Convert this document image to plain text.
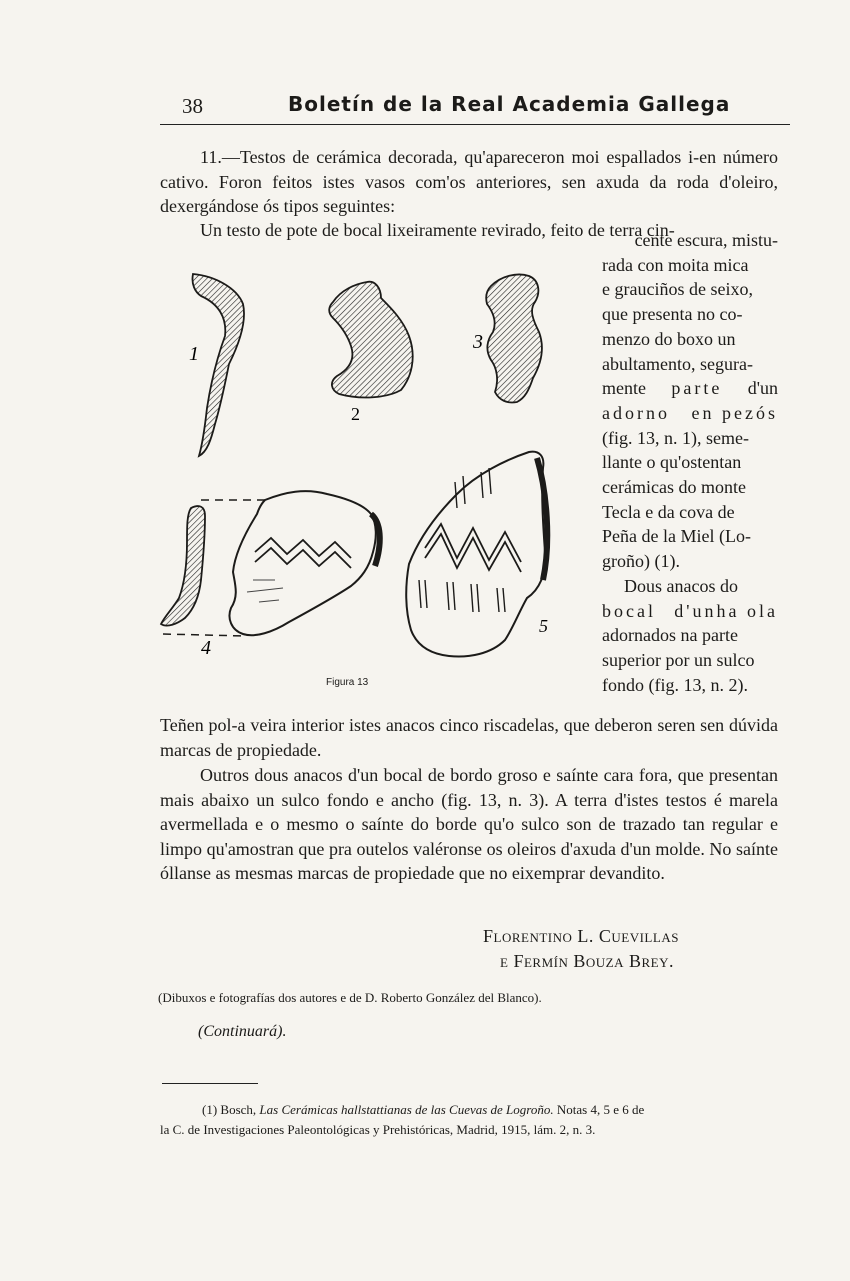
38	Boletín de la Real Academia Gallega
11.—Testos de cerámica decorada, qu'apareceron moi espallados i-en número cativo. Foron feitos istes vasos com'os anteriores, sen axuda da roda d'oleiro, dexergándose ós tipos seguintes:
Un testo de pote de bocal lixeiramente revirado, feito de terra cin-

cente escura, mistu-

rada con moita mica

e grauciños de seixo,

que presenta no co-

menzo do boxo un

abultamento, segura-

mente parte d'un

adorno en pezós

(fig. 13, n. 1), seme-

llante o qu'ostentan

cerámicas do monte

Tecla e da cova de

Peña de la Miel (Lo-

groño) (1).

Dous anacos do

bocal d'unha ola

adornados na parte

superior por un sulco

fondo (fig. 13, n. 2).

1
2
3
4
5
Figura 13
Teñen pol-a veira interior istes anacos cinco riscadelas, que deberon seren sen dúvida marcas de propiedade.
Outros dous anacos d'un bocal de bordo groso e saínte cara fora, que presentan mais abaixo un sulco fondo e ancho (fig. 13, n. 3). A terra d'istes testos é marela avermellada e o mesmo o saínte do borde qu'o sulco son de trazado tan regular e limpo qu'amostran que pra outelos valéronse os oleiros d'axuda d'un molde. No saínte óllanse as mesmas marcas de propiedade que no eixemprar devandito.
Florentino L. Cuevillas
e Fermín Bouza Brey.
(Dibuxos e fotografías dos autores e de D. Roberto González del Blanco).
(Continuará).
(1) Bosch, Las Cerámicas hallstattianas de las Cuevas de Logroño. Notas 4, 5 e 6 de
la C. de Investigaciones Paleontológicas y Prehistóricas, Madrid, 1915, lám. 2, n. 3.
